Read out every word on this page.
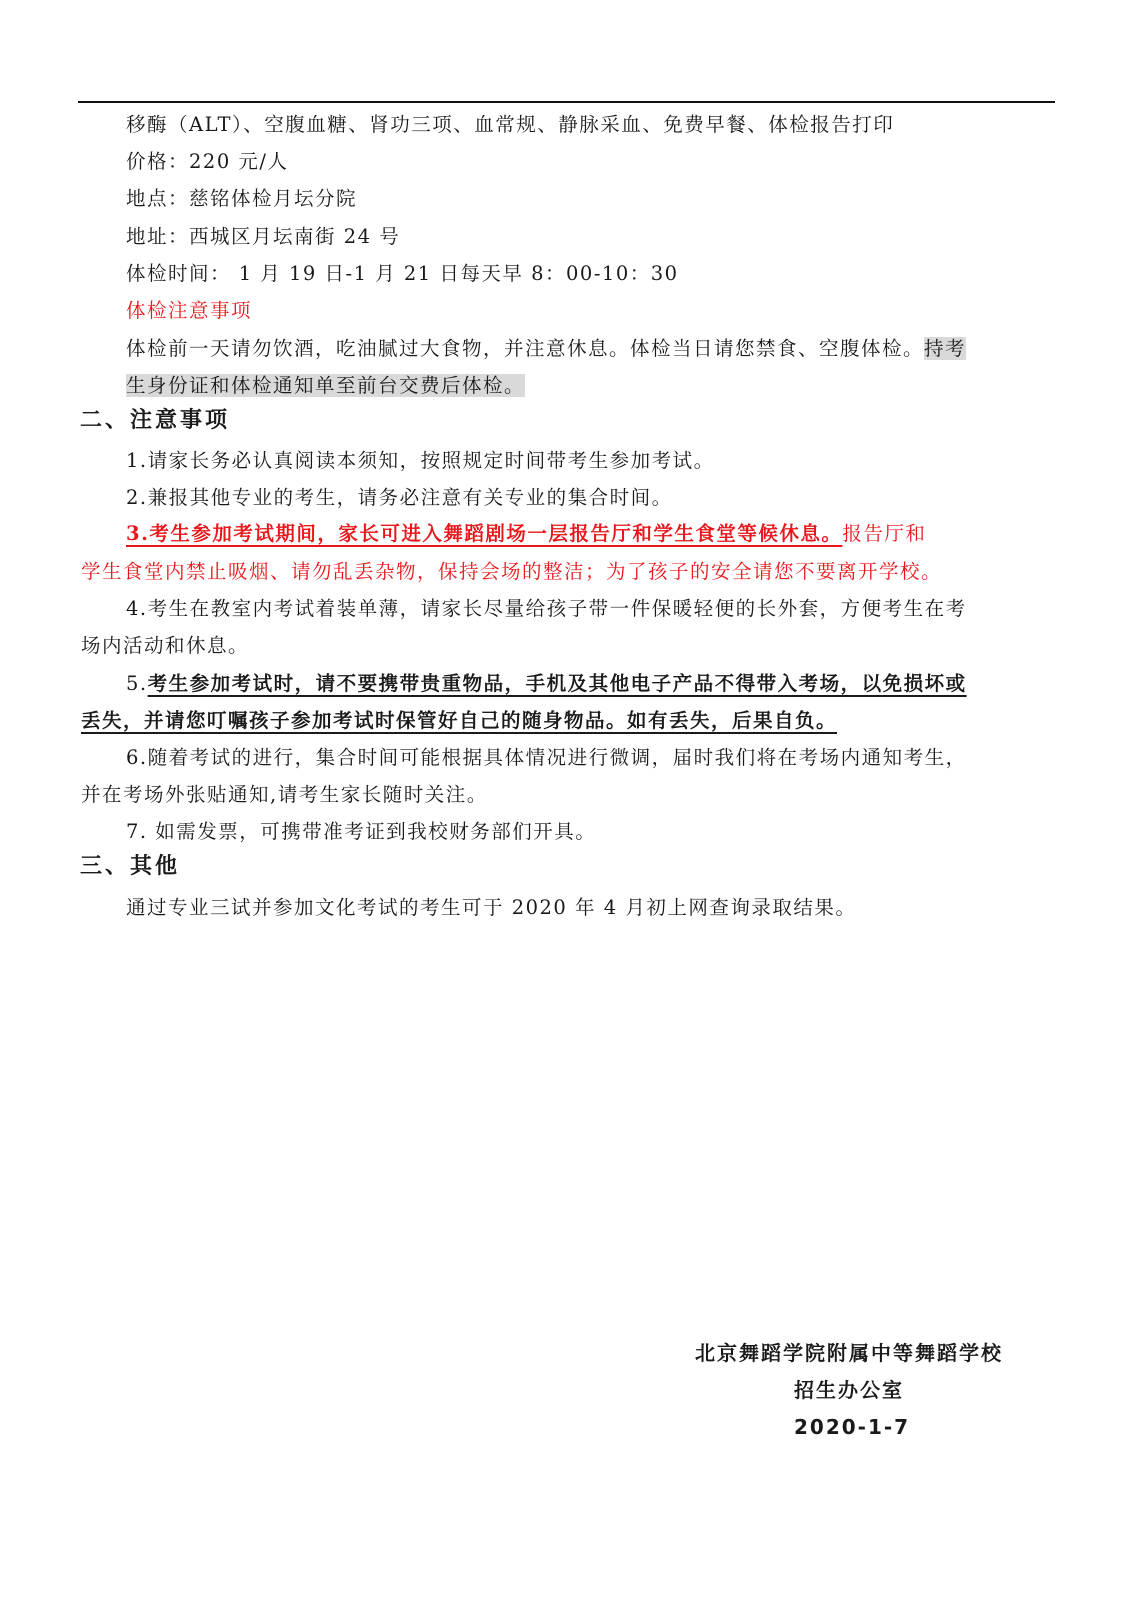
移酶（ALT）、空腹血糖、肾功三项、血常规、静脉采血、免费早餐、体检报告打印
价格：220 元/人
地点：慈铭体检月坛分院
地址：西城区月坛南街 24 号
体检时间： 1 月 19 日-1 月 21 日每天早 8：00-10：30
体检注意事项
体检前一天请勿饮酒，吃油腻过大食物，并注意休息。体检当日请您禁食、空腹体检。持考
生身份证和体检通知单至前台交费后体检。
二、注意事项
1.请家长务必认真阅读本须知，按照规定时间带考生参加考试。
2.兼报其他专业的考生，请务必注意有关专业的集合时间。
3.考生参加考试期间，家长可进入舞蹈剧场一层报告厅和学生食堂等候休息。报告厅和
学生食堂内禁止吸烟、请勿乱丢杂物，保持会场的整洁；为了孩子的安全请您不要离开学校。
4.考生在教室内考试着装单薄，请家长尽量给孩子带一件保暖轻便的长外套，方便考生在考
场内活动和休息。
5.考生参加考试时，请不要携带贵重物品，手机及其他电子产品不得带入考场，以免损坏或
丢失，并请您叮嘱孩子参加考试时保管好自己的随身物品。如有丢失，后果自负。
6.随着考试的进行，集合时间可能根据具体情况进行微调，届时我们将在考场内通知考生，
并在考场外张贴通知,请考生家长随时关注。
7. 如需发票，可携带准考证到我校财务部们开具。
三、其他
通过专业三试并参加文化考试的考生可于 2020 年 4 月初上网查询录取结果。
北京舞蹈学院附属中等舞蹈学校
招生办公室
2020-1-7
